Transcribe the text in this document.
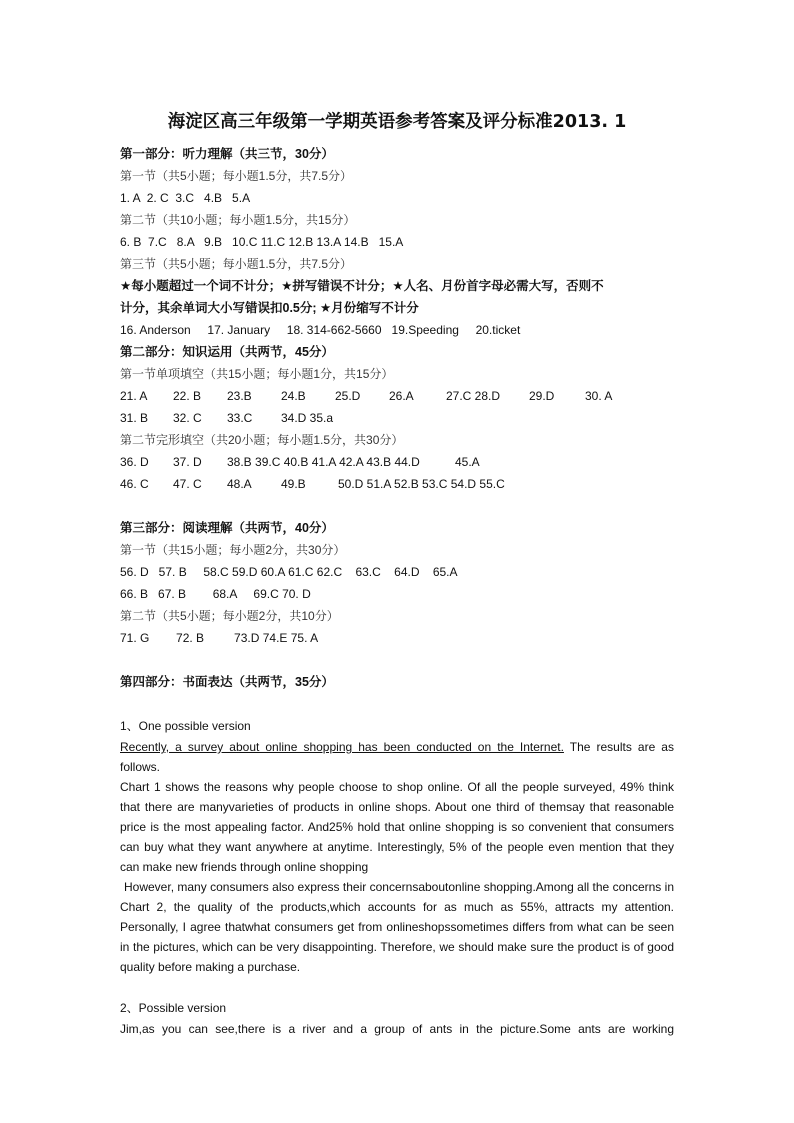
海淀区高三年级第一学期英语参考答案及评分标准2013. 1
第一部分：听力理解（共三节，30分）
第一节（共5小题；每小题1.5分，共7.5分）
1. A  2. C  3.C   4.B   5.A
第二节（共10小题；每小题1.5分，共15分）
6. B  7.C   8.A   9.B   10.C 11.C 12.B 13.A 14.B   15.A
第三节（共5小题；每小题1.5分，共7.5分）
★每小题超过一个词不计分；★拼写错误不计分；★人名、月份首字母必需大写，否则不
计分，其余单词大小写错误扣0.5分; ★月份缩写不计分
16. Anderson     17. January     18. 314-662-5660   19.Speeding     20.ticket
第二部分：知识运用（共两节，45分）
第一节单项填空（共15小题；每小题1分，共15分）
21. A	22. B	23.B	24.B	25.D	26.A	27.C 28.D	29.D	30. A
31. B	32. C	33.C	34.D 35.a
第二节完形填空（共20小题；每小题1.5分，共30分）
36. D	37. D	38.B 39.C 40.B 41.A 42.A 43.B 44.D	45.A
46. C	47. C	48.A	49.B	50.D 51.A 52.B 53.C 54.D 55.C
第三部分：阅读理解（共两节，40分）
第一节（共15小题；每小题2分，共30分）
56. D   57. B     58.C 59.D 60.A 61.C 62.C    63.C    64.D    65.A
66. B   67. B        68.A     69.C 70. D
第二节（共5小题；每小题2分，共10分）
71. G        72. B         73.D 74.E 75. A
第四部分：书面表达（共两节，35分）
1、One possible version

Recently, a survey about online shopping has been conducted on the Internet. The results are as follows.

Chart 1 shows the reasons why people choose to shop online. Of all the people surveyed, 49% think that there are manyvarieties of products in online shops. About one third of themsay that reasonable price is the most appealing factor. And25% hold that online shopping is so convenient that consumers can buy what they want anywhere at anytime. Interestingly, 5% of the people even mention that they can make new friends through online shopping

However, many consumers also express their concernsaboutonline shopping.Among all the concerns in Chart 2, the quality of the products,which accounts for as much as 55%, attracts my attention. Personally, I agree thatwhat consumers get from onlineshopssometimes differs from what can be seen in the pictures, which can be very disappointing. Therefore, we should make sure the product is of good quality before making a purchase.

2、Possible version

Jim,as you can see,there is a river and a group of ants in the picture.Some ants are working
